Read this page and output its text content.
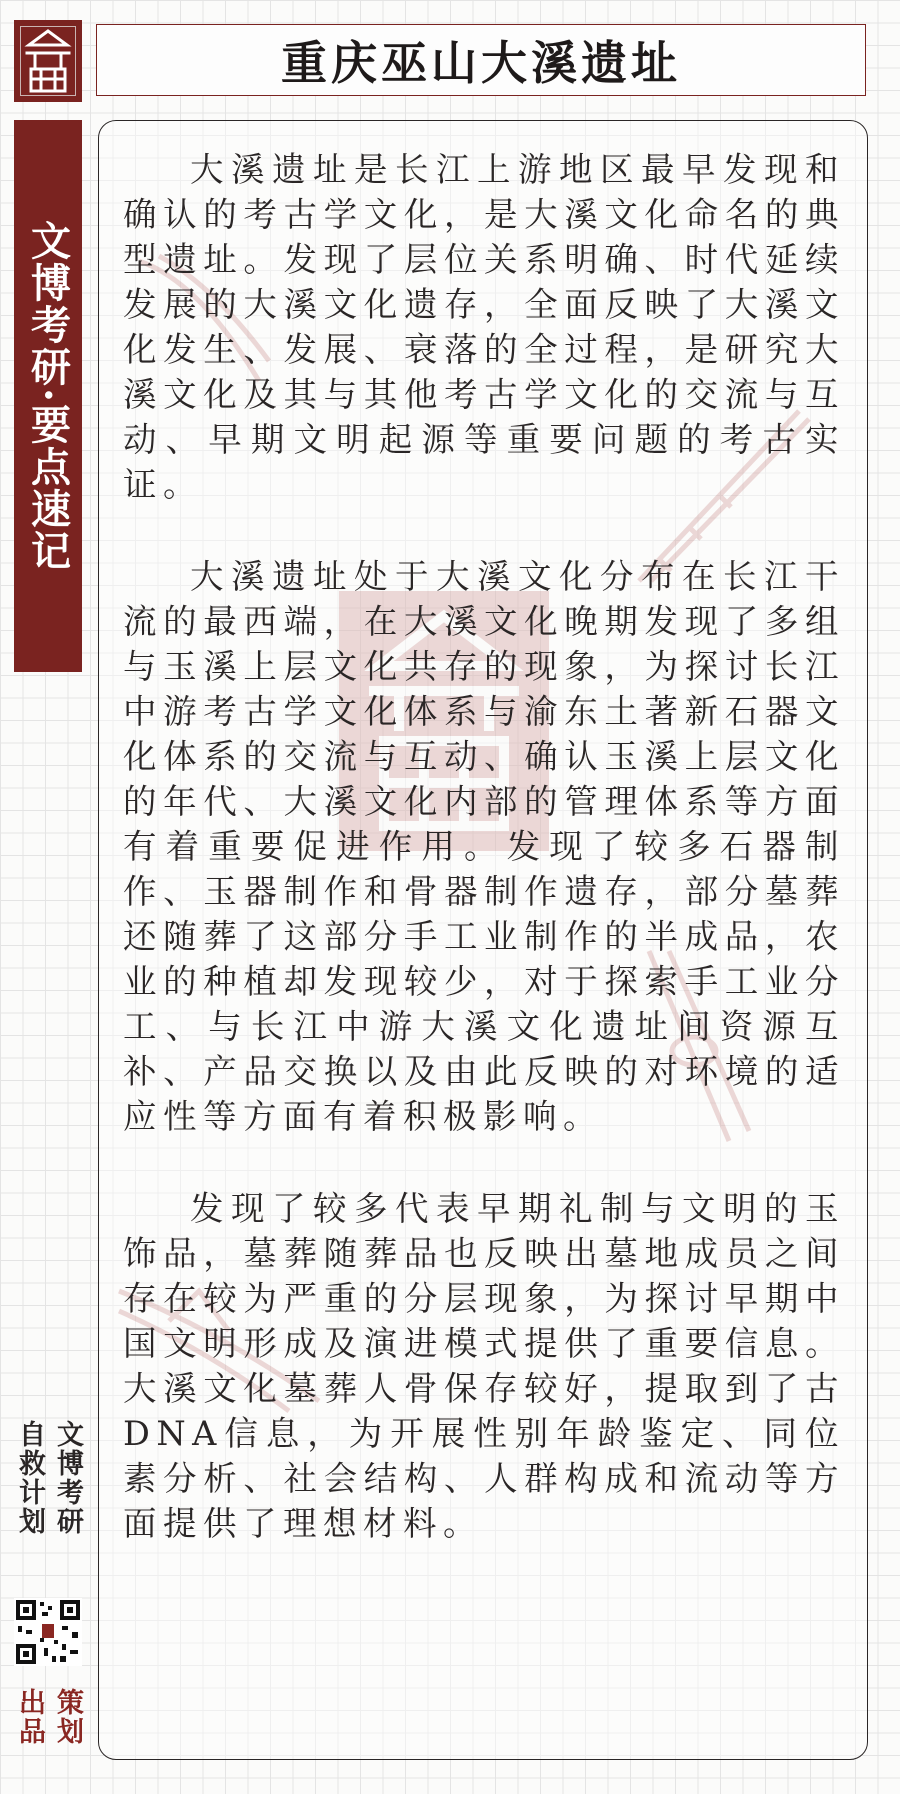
文博考研·要点速记
重庆巫山大溪遗址

大溪遗址是长江上游地区最早发现和确认的考古学文化，是大溪文化命名的典型遗址。发现了层位关系明确、时代延续发展的大溪文化遗存，全面反映了大溪文化发生、发展、衰落的全过程，是研究大溪文化及其与其他考古学文化的交流与互动、早期文明起源等重要问题的考古实证。

大溪遗址处于大溪文化分布在长江干流的最西端，在大溪文化晚期发现了多组与玉溪上层文化共存的现象，为探讨长江中游考古学文化体系与渝东土著新石器文化体系的交流与互动、确认玉溪上层文化的年代、大溪文化内部的管理体系等方面有着重要促进作用。发现了较多石器制作、玉器制作和骨器制作遗存，部分墓葬还随葬了这部分手工业制作的半成品，农业的种植却发现较少，对于探索手工业分工、与长江中游大溪文化遗址间资源互补、产品交换以及由此反映的对环境的适应性等方面有着积极影响。

发现了较多代表早期礼制与文明的玉饰品，墓葬随葬品也反映出墓地成员之间存在较为严重的分层现象，为探讨早期中国文明形成及演进模式提供了重要信息。大溪文化墓葬人骨保存较好，提取到了古DNA信息，为开展性别年龄鉴定、同位素分析、社会结构、人群构成和流动等方面提供了理想材料。

文博考研
自救计划
策划
出品
